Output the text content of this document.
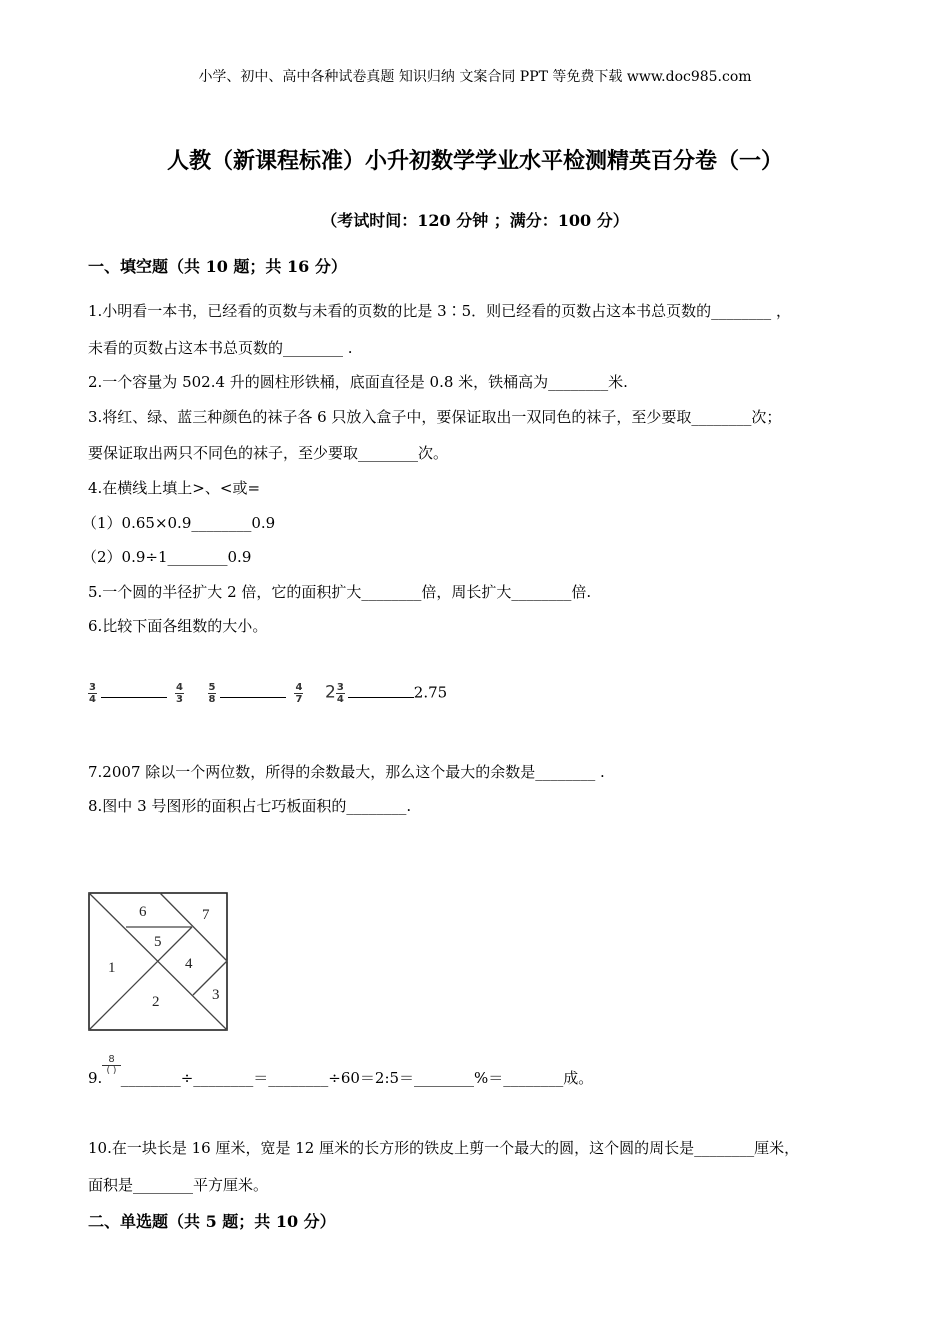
小学、初中、高中各种试卷真题 知识归纳 文案合同 PPT 等免费下载 www.doc985.com
人教（新课程标准）小升初数学学业水平检测精英百分卷（一）
（考试时间：120 分钟 ；满分：100 分）
一、填空题（共 10 题；共 16 分）
1.小明看一本书，已经看的页数与未看的页数的比是 3∶5．则已经看的页数占这本书总页数的________ ，
未看的页数占这本书总页数的________ .
2.一个容量为 502.4 升的圆柱形铁桶，底面直径是 0.8 米，铁桶高为________米.
3.将红、绿、蓝三种颜色的袜子各 6 只放入盒子中，要保证取出一双同色的袜子，至少要取________次；
要保证取出两只不同色的袜子，至少要取________次。
4.在横线上填上>、<或=
（1）0.65×0.9________0.9
（2）0.9÷1________0.9
5.一个圆的半径扩大 2 倍，它的面积扩大________倍，周长扩大________倍.
6.比较下面各组数的大小。
$\frac{3}{4}$	$\frac{4}{3}$
$\frac{5}{8}$	$\frac{4}{7} 2 \frac{3}{4}$	2.75
7.2007 除以一个两位数，所得的余数最大，那么这个最大的余数是________ .
8.图中 3 号图形的面积占七巧板面积的________.
6	7
5
1	4
2	3
9.
$\frac{8}{( )}$
________÷________＝________÷60＝2:5＝________%＝________成。
10.在一块长是 16 厘米，宽是 12 厘米的长方形的铁皮上剪一个最大的圆，这个圆的周长是________厘米，
面积是________平方厘米。
二、单选题（共 5 题；共 10 分）
